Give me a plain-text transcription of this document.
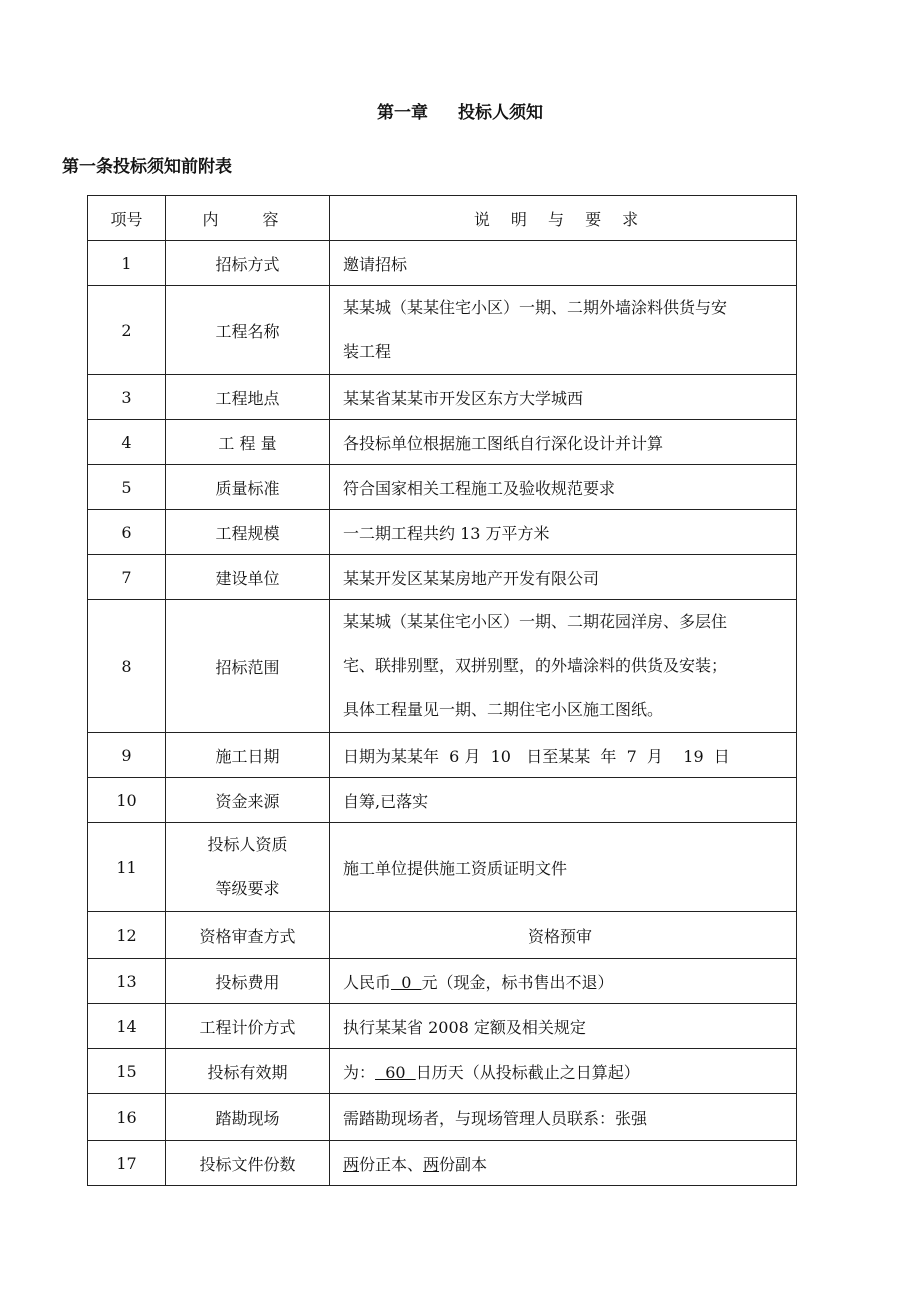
第一章 投标人须知
第一条投标须知前附表
项号	内　容	说 明 与 要 求
1	招标方式	邀请招标
2	工程名称	某某城（某某住宅小区）一期、二期外墙涂料供货与安
装工程

3	工程地点	某某省某某市开发区东方大学城西
4	工 程 量	各投标单位根据施工图纸自行深化设计并计算
5	质量标准	符合国家相关工程施工及验收规范要求
6	工程规模	一二期工程共约 13 万平方米
7	建设单位	某某开发区某某房地产开发有限公司
8	招标范围	某某城（某某住宅小区）一期、二期花园洋房、多层住
宅、联排别墅，双拼别墅，的外墙涂料的供货及安装；
具体工程量见一期、二期住宅小区施工图纸。

9	施工日期	日期为某某年  6 月  10   日至某某  年  7  月    19  日
10	资金来源	自筹,已落实
11	投标人资质
等级要求	施工单位提供施工资质证明文件
12	资格审查方式	资格预审
13	投标费用	人民币  0  元（现金，标书售出不退）
14	工程计价方式	执行某某省 2008 定额及相关规定
15	投标有效期	为：  60  日历天（从投标截止之日算起）
16	踏勘现场	需踏勘现场者，与现场管理人员联系：张强
17	投标文件份数	两份正本、两份副本
